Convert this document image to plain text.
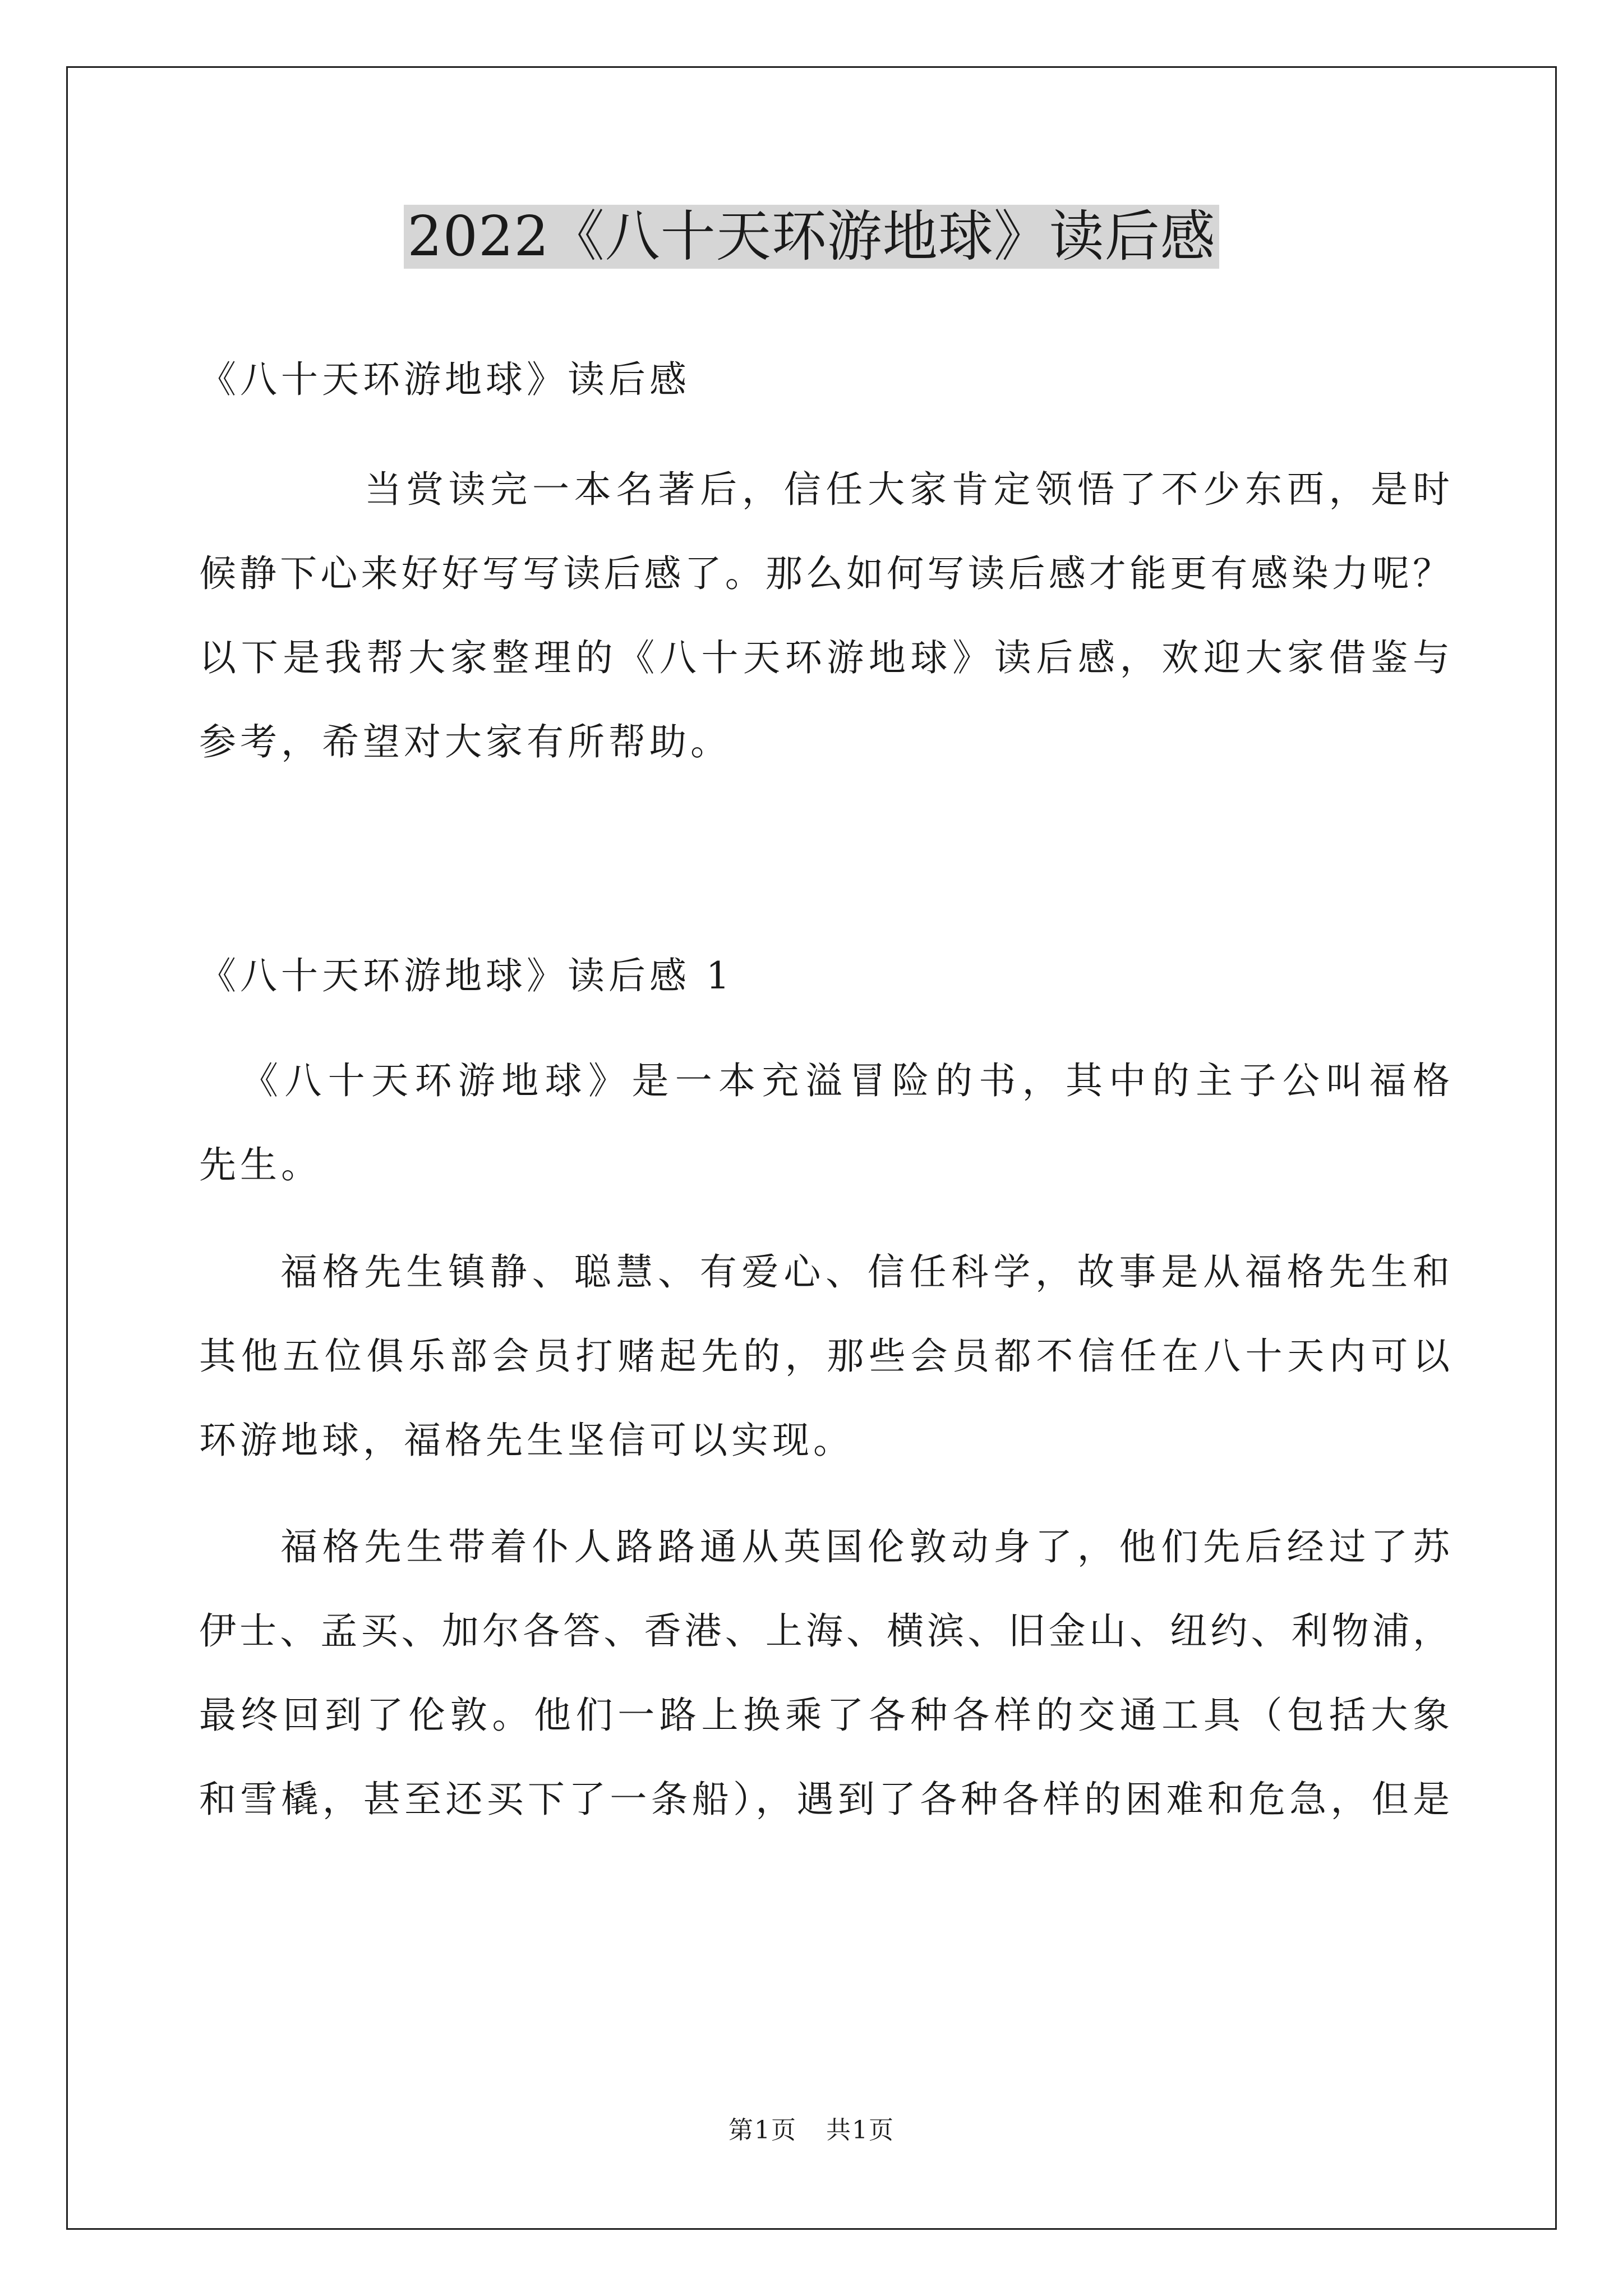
2022《八十天环游地球》读后感
《八十天环游地球》读后感
当赏读完一本名著后，信任大家肯定领悟了不少东西，是时
候静下心来好好写写读后感了。那么如何写读后感才能更有感染力呢？
以下是我帮大家整理的《八十天环游地球》读后感，欢迎大家借鉴与
参考，希望对大家有所帮助。
《八十天环游地球》读后感 1
《八十天环游地球》是一本充溢冒险的书，其中的主子公叫福格
先生。
福格先生镇静、聪慧、有爱心、信任科学，故事是从福格先生和
其他五位俱乐部会员打赌起先的，那些会员都不信任在八十天内可以
环游地球，福格先生坚信可以实现。
福格先生带着仆人路路通从英国伦敦动身了，他们先后经过了苏
伊士、孟买、加尔各答、香港、上海、横滨、旧金山、纽约、利物浦，
最终回到了伦敦。他们一路上换乘了各种各样的交通工具（包括大象
和雪橇，甚至还买下了一条船），遇到了各种各样的困难和危急，但是
第1页 共1页
